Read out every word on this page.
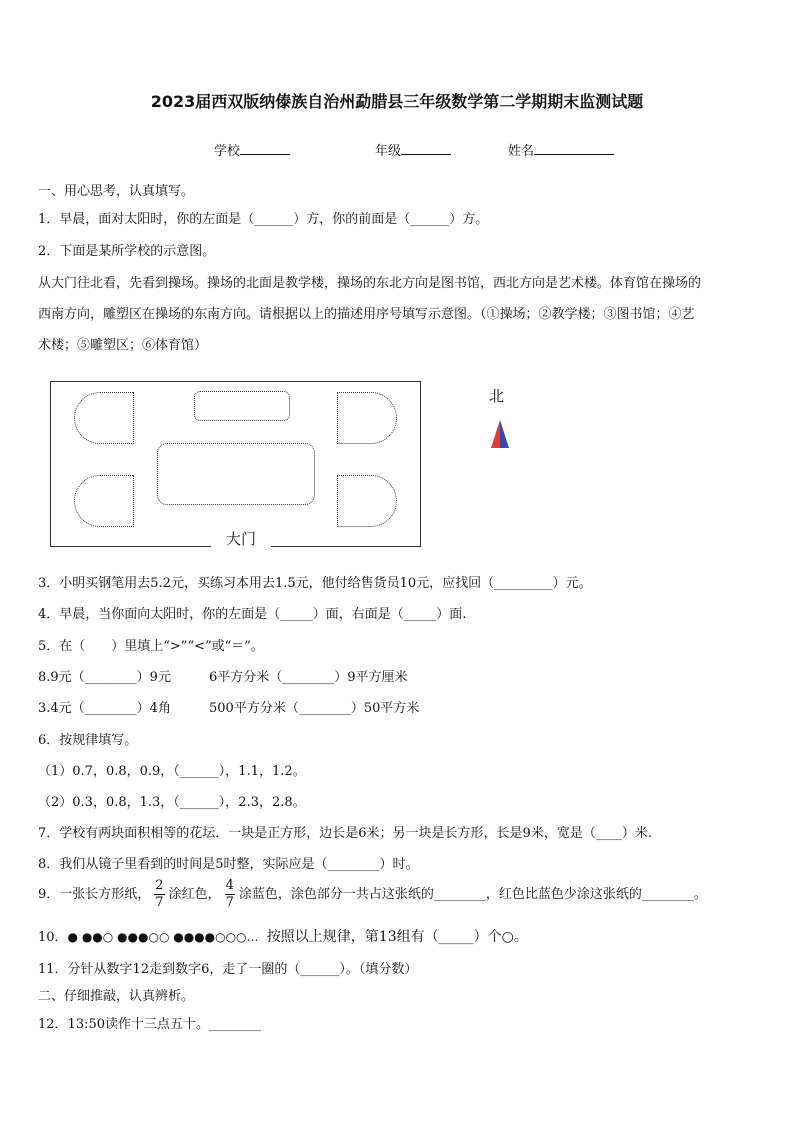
2023届西双版纳傣族自治州勐腊县三年级数学第二学期期末监测试题
学校	年级	姓名
一、用心思考，认真填写。
1．早晨，面对太阳时，你的左面是（______）方，你的前面是（______）方。
2．下面是某所学校的示意图。
从大门往北看，先看到操场。操场的北面是教学楼，操场的东北方向是图书馆，西北方向是艺术楼。体育馆在操场的
西南方向，雕塑区在操场的东南方向。请根据以上的描述用序号填写示意图。（①操场；②教学楼；③图书馆；④艺
术楼；⑤雕塑区；⑥体育馆）
大门
北
3．小明买钢笔用去5.2元，买练习本用去1.5元，他付给售货员10元，应找回（_________）元。
4．早晨，当你面向太阳时，你的左面是（_____）面，右面是（_____）面.
5．在（　　）里填上“>”“<”或“＝”。
8.9元（________）9元	6平方分米（________）9平方厘米
3.4元（________）4角	500平方分米（________）50平方米
6．按规律填写。
（1）0.7，0.8，0.9，（______），1.1，1.2。
（2）0.3，0.8，1.3，（______），2.3，2.8。
7．学校有两块面积相等的花坛．一块是正方形，边长是6米；另一块是长方形，长是9米，宽是（____）米.
8．我们从镜子里看到的时间是5时整，实际应是（________）时。
9．一张长方形纸， $\frac{2}{7}$ 涂红色， $\frac{4}{7}$ 涂蓝色，涂色部分一共占这张纸的________，红色比蓝色少涂这张纸的________。
10．● ●●○ ●●●○○ ●●●●○○○… 按照以上规律，第13组有（_____）个○。
11．分针从数字12走到数字6，走了一圈的（______）。（填分数）
二、仔细推敲，认真辨析。
12．13:50读作十三点五十。________
